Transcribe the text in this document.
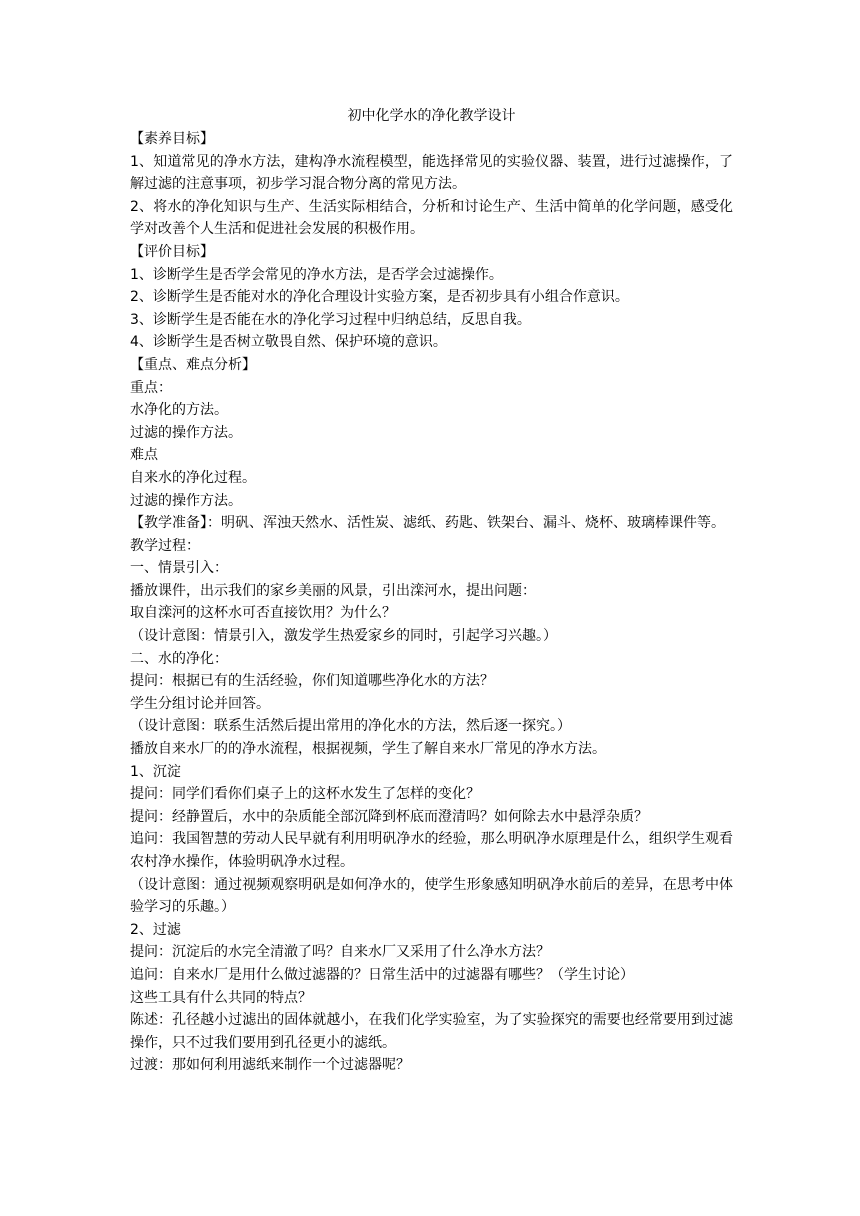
初中化学水的净化教学设计
【素养目标】
1、知道常见的净水方法，建构净水流程模型，能选择常见的实验仪器、装置，进行过滤操作，了解过滤的注意事项，初步学习混合物分离的常见方法。
2、将水的净化知识与生产、生活实际相结合，分析和讨论生产、生活中简单的化学问题，感受化学对改善个人生活和促进社会发展的积极作用。
【评价目标】
1、诊断学生是否学会常见的净水方法，是否学会过滤操作。
2、诊断学生是否能对水的净化合理设计实验方案，是否初步具有小组合作意识。
3、诊断学生是否能在水的净化学习过程中归纳总结，反思自我。
4、诊断学生是否树立敬畏自然、保护环境的意识。
【重点、难点分析】
重点：
水净化的方法。
过滤的操作方法。
难点
自来水的净化过程。
过滤的操作方法。
【教学准备】：明矾、浑浊天然水、活性炭、滤纸、药匙、铁架台、漏斗、烧杯、玻璃棒课件等。
教学过程：
一、情景引入：
播放课件，出示我们的家乡美丽的风景，引出滦河水，提出问题：
取自滦河的这杯水可否直接饮用？为什么？
（设计意图：情景引入，激发学生热爱家乡的同时，引起学习兴趣。）
二、水的净化：
提问：根据已有的生活经验，你们知道哪些净化水的方法？
学生分组讨论并回答。
（设计意图：联系生活然后提出常用的净化水的方法，然后逐一探究。）
播放自来水厂的的净水流程，根据视频，学生了解自来水厂常见的净水方法。
1、沉淀
提问：同学们看你们桌子上的这杯水发生了怎样的变化？
提问：经静置后，水中的杂质能全部沉降到杯底而澄清吗？如何除去水中悬浮杂质？
追问：我国智慧的劳动人民早就有利用明矾净水的经验，那么明矾净水原理是什么，组织学生观看农村净水操作，体验明矾净水过程。
（设计意图：通过视频观察明矾是如何净水的，使学生形象感知明矾净水前后的差异，在思考中体验学习的乐趣。）
2、过滤
提问：沉淀后的水完全清澈了吗？自来水厂又采用了什么净水方法？
追问：自来水厂是用什么做过滤器的？日常生活中的过滤器有哪些？（学生讨论）
这些工具有什么共同的特点？
陈述：孔径越小过滤出的固体就越小，在我们化学实验室，为了实验探究的需要也经常要用到过滤操作，只不过我们要用到孔径更小的滤纸。
过渡：那如何利用滤纸来制作一个过滤器呢？
